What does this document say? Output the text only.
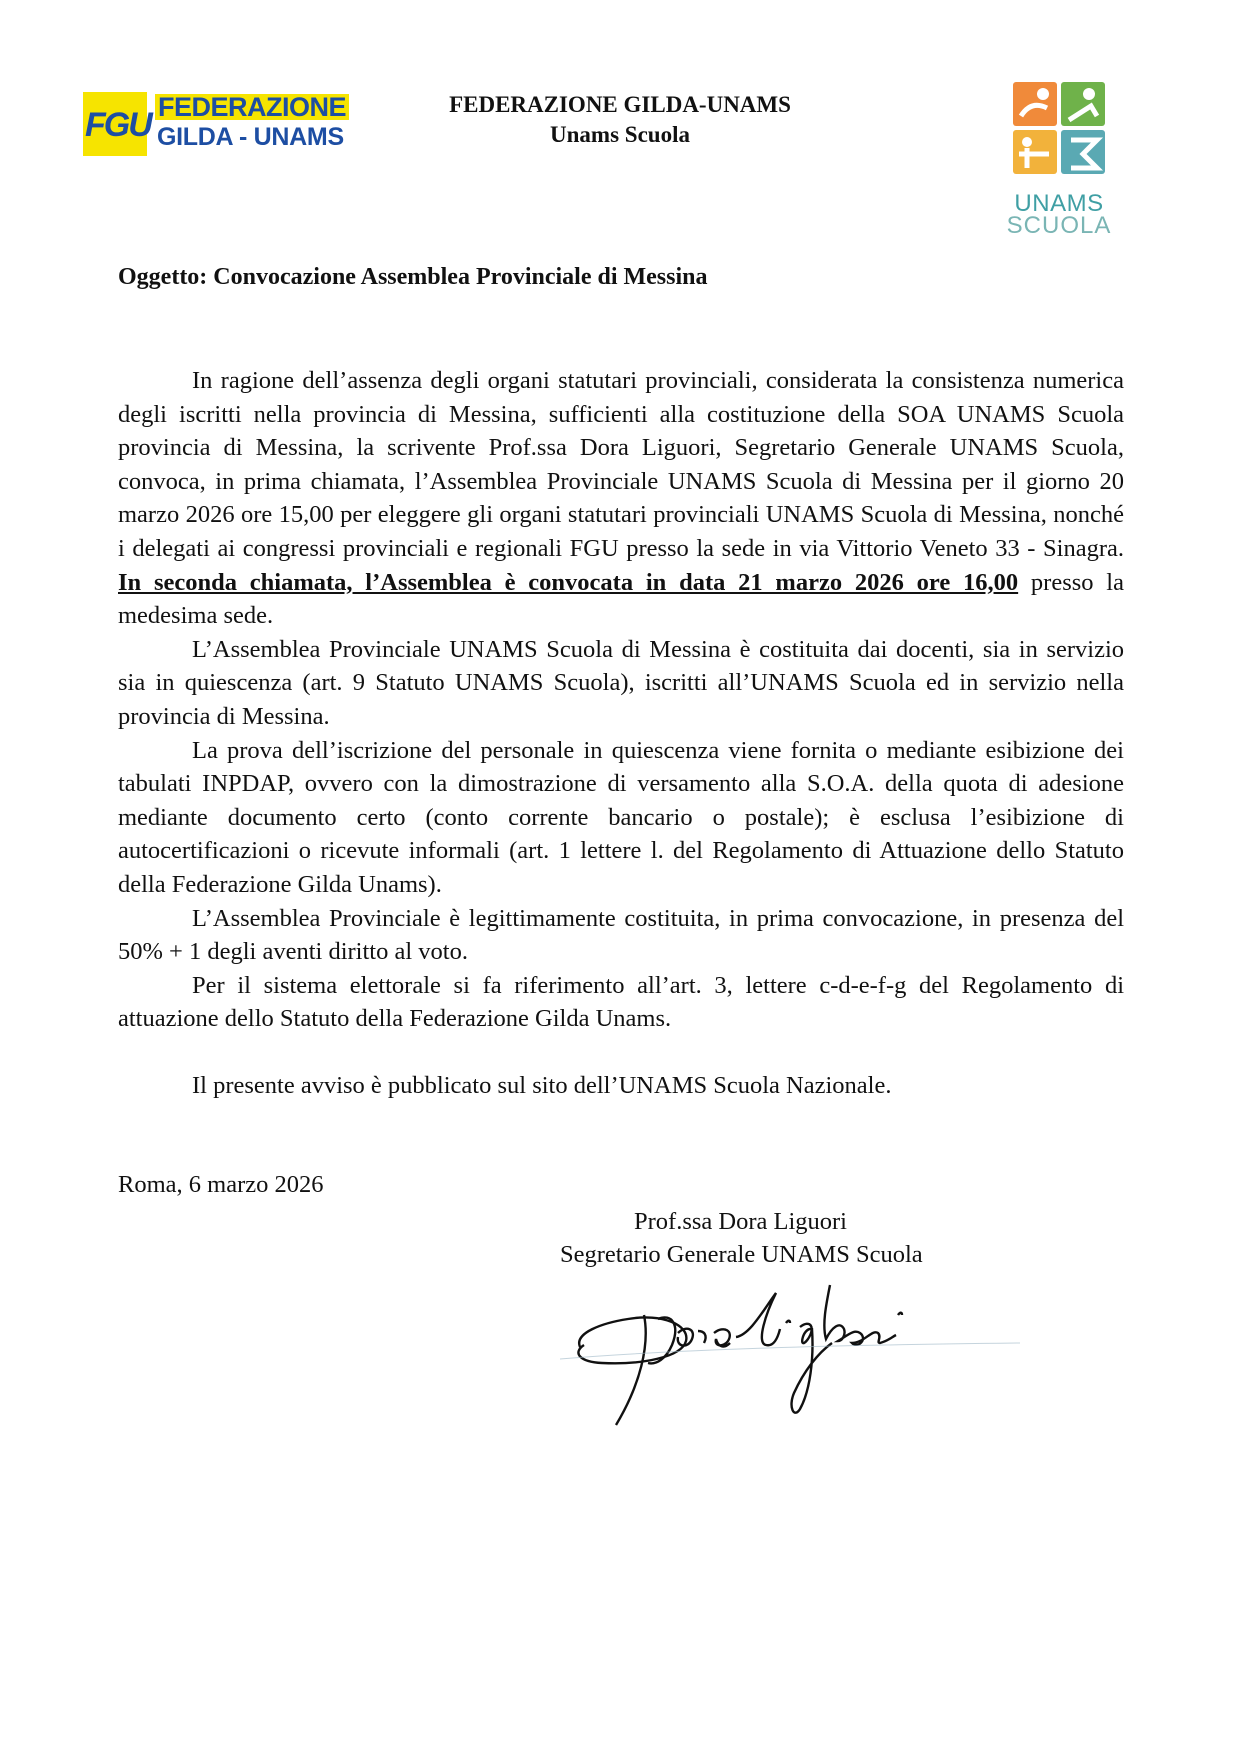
FGU FEDERAZIONE
GILDA - UNAMS
FEDERAZIONE GILDA-UNAMS
Unams Scuola
UNAMS
SCUOLA
Oggetto: Convocazione Assemblea Provinciale di Messina

In ragione dell’assenza degli organi statutari provinciali, considerata la consistenza numerica degli iscritti nella provincia di Messina, sufficienti alla costituzione della SOA UNAMS Scuola provincia di Messina, la scrivente Prof.ssa Dora Liguori, Segretario Generale UNAMS Scuola, convoca, in prima chiamata, l’Assemblea Provinciale UNAMS Scuola di Messina per il giorno 20 marzo 2026 ore 15,00 per eleggere gli organi statutari provinciali UNAMS Scuola di Messina, nonché i delegati ai congressi provinciali e regionali FGU presso la sede in via Vittorio Veneto 33 - Sinagra. In seconda chiamata, l’Assemblea è convocata in data 21 marzo 2026 ore 16,00 presso la medesima sede.

L’Assemblea Provinciale UNAMS Scuola di Messina è costituita dai docenti, sia in servizio sia in quiescenza (art. 9 Statuto UNAMS Scuola), iscritti all’UNAMS Scuola ed in servizio nella provincia di Messina.

La prova dell’iscrizione del personale in quiescenza viene fornita o mediante esibizione dei tabulati INPDAP, ovvero con la dimostrazione di versamento alla S.O.A. della quota di adesione mediante documento certo (conto corrente bancario o postale); è esclusa l’esibizione di autocertificazioni o ricevute informali (art. 1 lettere l. del Regolamento di Attuazione dello Statuto della Federazione Gilda Unams).

L’Assemblea Provinciale è legittimamente costituita, in prima convocazione, in presenza del 50% + 1 degli aventi diritto al voto.

Per il sistema elettorale si fa riferimento all’art. 3, lettere c-d-e-f-g del Regolamento di attuazione dello Statuto della Federazione Gilda Unams.

Il presente avviso è pubblicato sul sito dell’UNAMS Scuola Nazionale.

Roma, 6 marzo 2026
Prof.ssa Dora Liguori
Segretario Generale UNAMS Scuola
